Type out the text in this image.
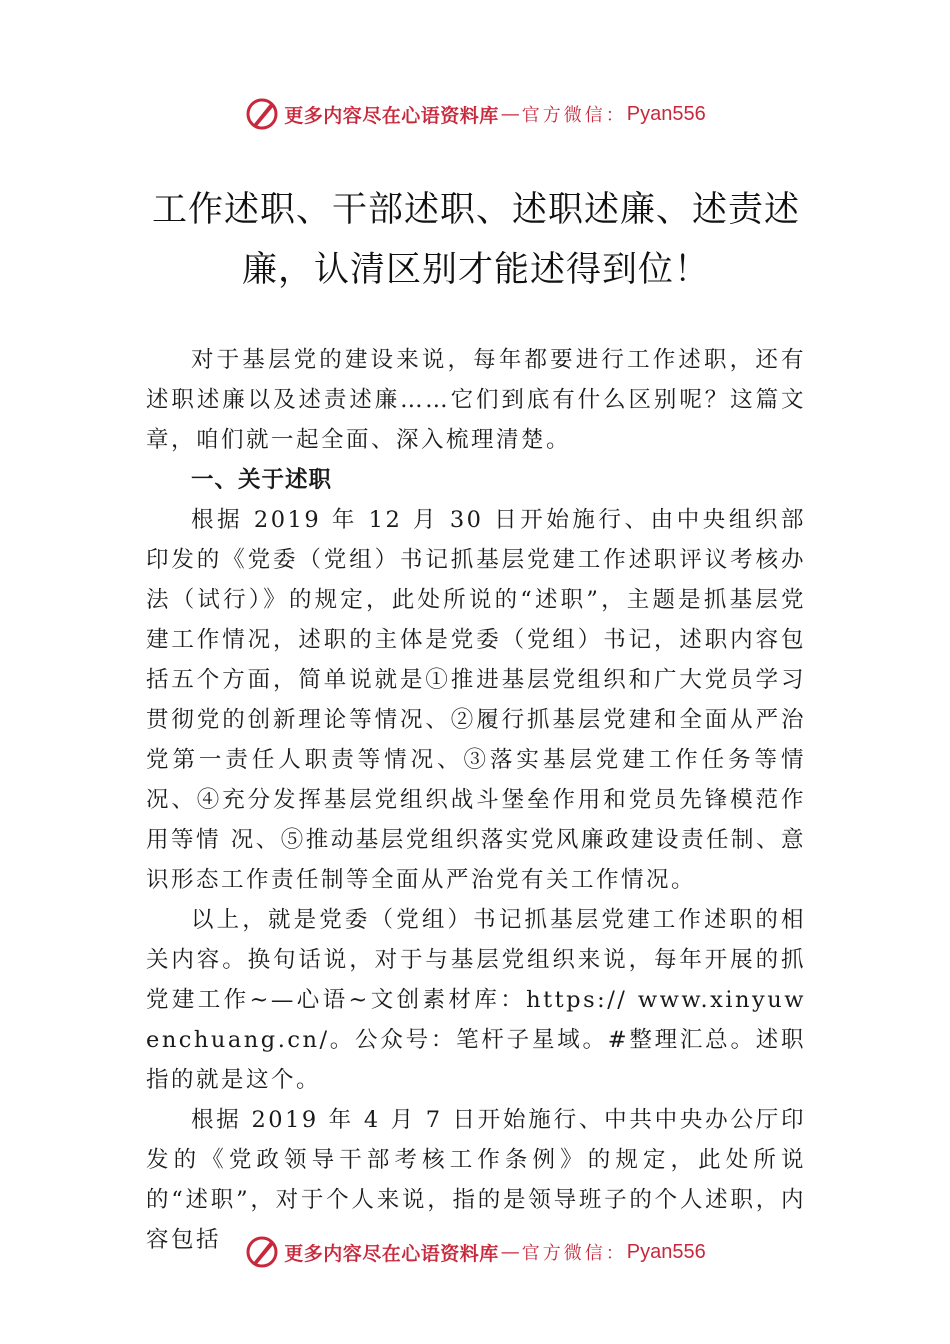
更多内容尽在心语资料库 — 官方微信： Pyan556
工作述职、干部述职、述职述廉、述责述
廉，认清区别才能述得到位！

对于基层党的建设来说，每年都要进行工作述职，还有述职述廉以及述责述廉……它们到底有什么区别呢？这篇文章，咱们就一起全面、深入梳理清楚。

一、关于述职

根据 2019 年 12 月 30 日开始施行、由中央组织部印发的《党委（党组）书记抓基层党建工作述职评议考核办法（试行）》的规定，此处所说的“述职”，主题是抓基层党建工作情况，述职的主体是党委（党组）书记，述职内容包括五个方面，简单说就是①推进基层党组织和广大党员学习贯彻党的创新理论等情况、②履行抓基层党建和全面从严治党第一责任人职责等情况、③落实基层党建工作任务等情况、④充分发挥基层党组织战斗堡垒作用和党员先锋模范作用等情 况、⑤推动基层党组织落实党风廉政建设责任制、意识形态工作责任制等全面从严治党有关工作情况。

以上，就是党委（党组）书记抓基层党建工作述职的相关内容。换句话说，对于与基层党组织来说，每年开展的抓党建工作~—心语~文创素材库：https:// www.xinyuwenchuang.cn/。公众号：笔杆子星域。#整理汇总。述职指的就是这个。

根据 2019 年 4 月 7 日开始施行、中共中央办公厅印发的《党政领导干部考核工作条例》的规定，此处所说的“述职”，对于个人来说，指的是领导班子的个人述职，内容包括

更多内容尽在心语资料库 — 官方微信： Pyan556
